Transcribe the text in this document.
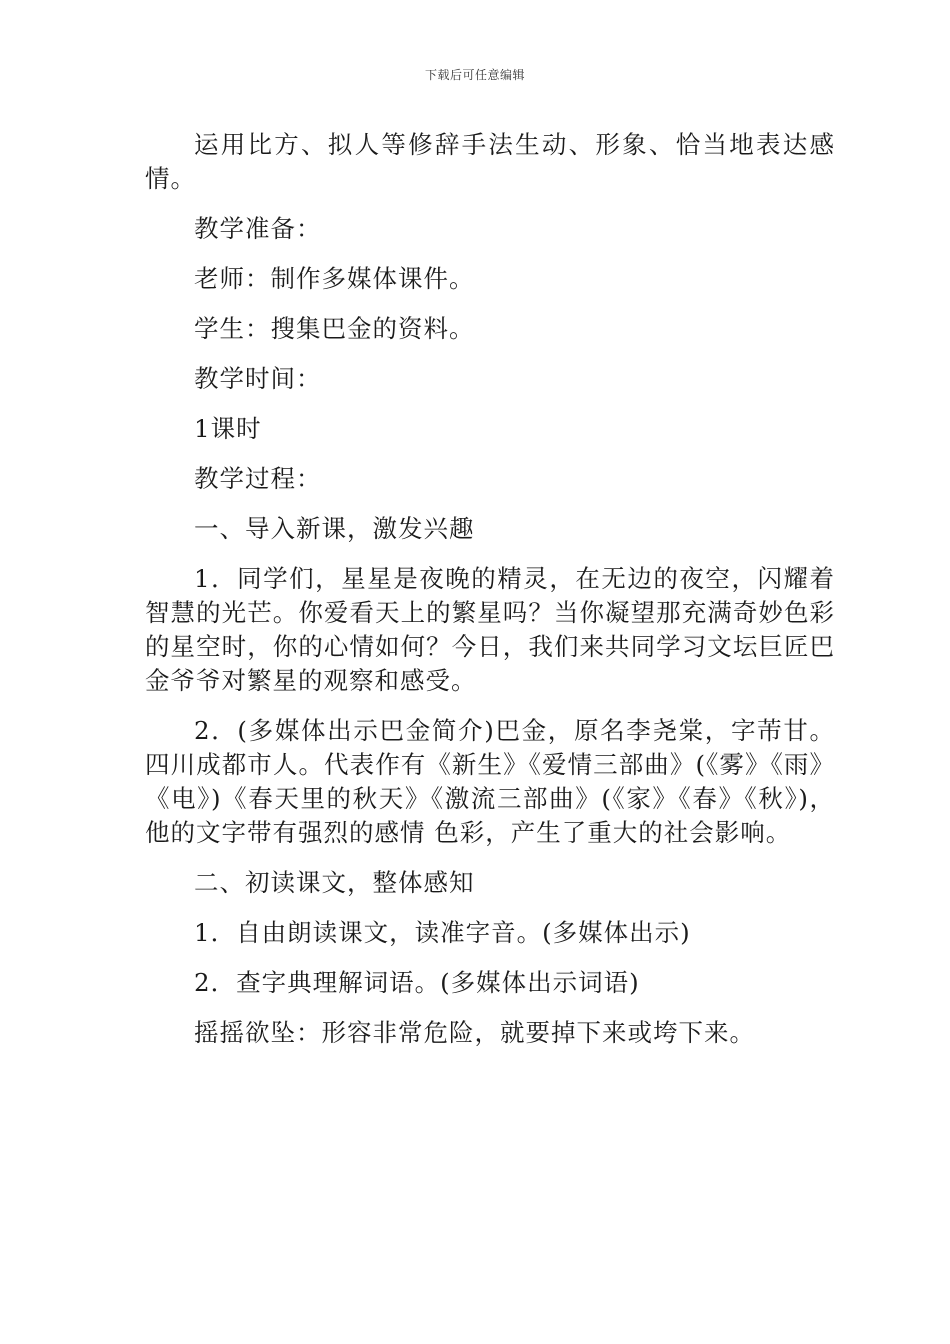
下载后可任意编辑

运用比方、拟人等修辞手法生动、形象、恰当地表达感情。

教学准备：

老师：制作多媒体课件。

学生：搜集巴金的资料。

教学时间：

1课时

教学过程：

一、导入新课，激发兴趣

1．同学们，星星是夜晚的精灵，在无边的夜空，闪耀着智慧的光芒。你爱看天上的繁星吗？当你凝望那充满奇妙色彩的星空时，你的心情如何？今日，我们来共同学习文坛巨匠巴金爷爷对繁星的观察和感受。

2．(多媒体出示巴金简介)巴金，原名李尧棠，字芾甘。四川成都市人。代表作有《新生》《爱情三部曲》(《雾》《雨》《电》)《春天里的秋天》《激流三部曲》(《家》《春》《秋》)，他的文字带有强烈的感情 色彩，产生了重大的社会影响。

二、初读课文，整体感知

1．自由朗读课文，读准字音。(多媒体出示)

2．查字典理解词语。(多媒体出示词语)

摇摇欲坠：形容非常危险，就要掉下来或垮下来。
